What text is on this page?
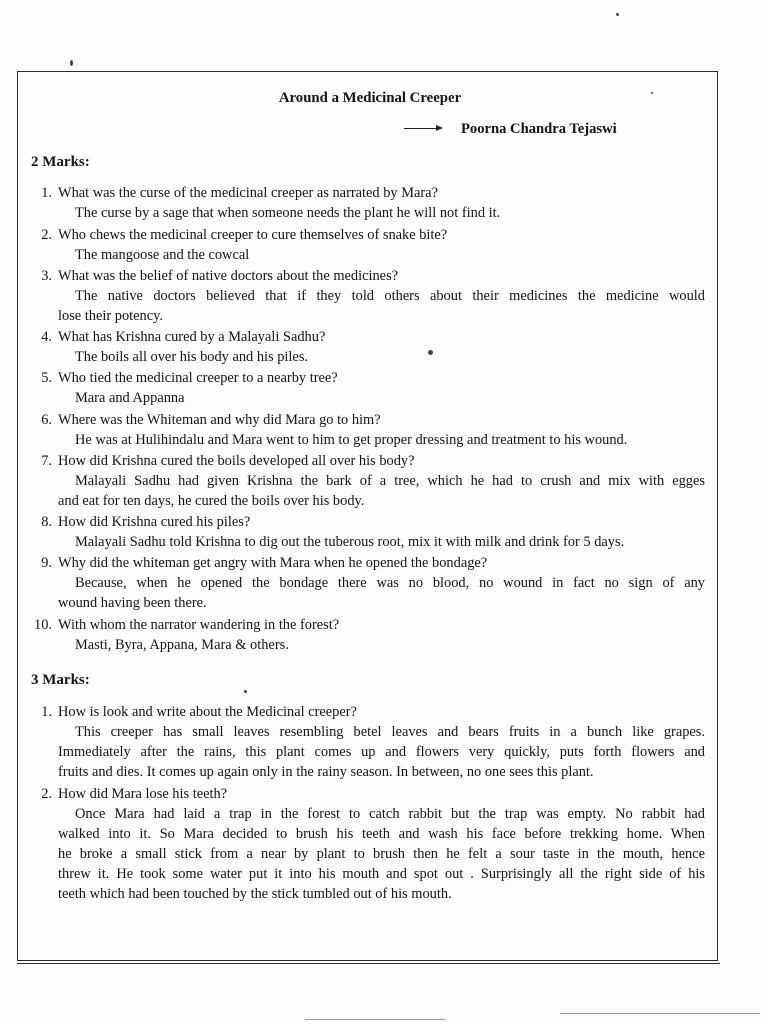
Around a Medicinal Creeper
Poorna Chandra Tejaswi
2 Marks:
1. What was the curse of the medicinal creeper as narrated by Mara?
The curse by a sage that when someone needs the plant he will not find it.
2. Who chews the medicinal creeper to cure themselves of snake bite?
The mangoose and the cowcal
3. What was the belief of native doctors about the medicines?
The native doctors believed that if they told others about their medicines the medicine would
lose their potency.
4. What has Krishna cured by a Malayali Sadhu?
The boils all over his body and his piles.
5. Who tied the medicinal creeper to a nearby tree?
Mara and Appanna
6. Where was the Whiteman and why did Mara go to him?
He was at Hulihindalu and Mara went to him to get proper dressing and treatment to his wound.
7. How did Krishna cured the boils developed all over his body?
Malayali Sadhu had given Krishna the bark of a tree, which he had to crush and mix with egges
and eat for ten days, he cured the boils over his body.
8. How did Krishna cured his piles?
Malayali Sadhu told Krishna to dig out the tuberous root, mix it with milk and drink for 5 days.
9. Why did the whiteman get angry with Mara when he opened the bondage?
Because, when he opened the bondage there was no blood, no wound in fact no sign of any
wound having been there.
10. With whom the narrator wandering in the forest?
Masti, Byra, Appana, Mara & others.
3 Marks:
1. How is look and write about the Medicinal creeper?
This creeper has small leaves resembling betel leaves and bears fruits in a bunch like grapes.
Immediately after the rains, this plant comes up and flowers very quickly, puts forth flowers and
fruits and dies. It comes up again only in the rainy season. In between, no one sees this plant.
2. How did Mara lose his teeth?
Once Mara had laid a trap in the forest to catch rabbit but the trap was empty. No rabbit had
walked into it. So Mara decided to brush his teeth and wash his face before trekking home. When
he broke a small stick from a near by plant to brush then he felt a sour taste in the mouth, hence
threw it. He took some water put it into his mouth and spot out . Surprisingly all the right side of his
teeth which had been touched by the stick tumbled out of his mouth.
